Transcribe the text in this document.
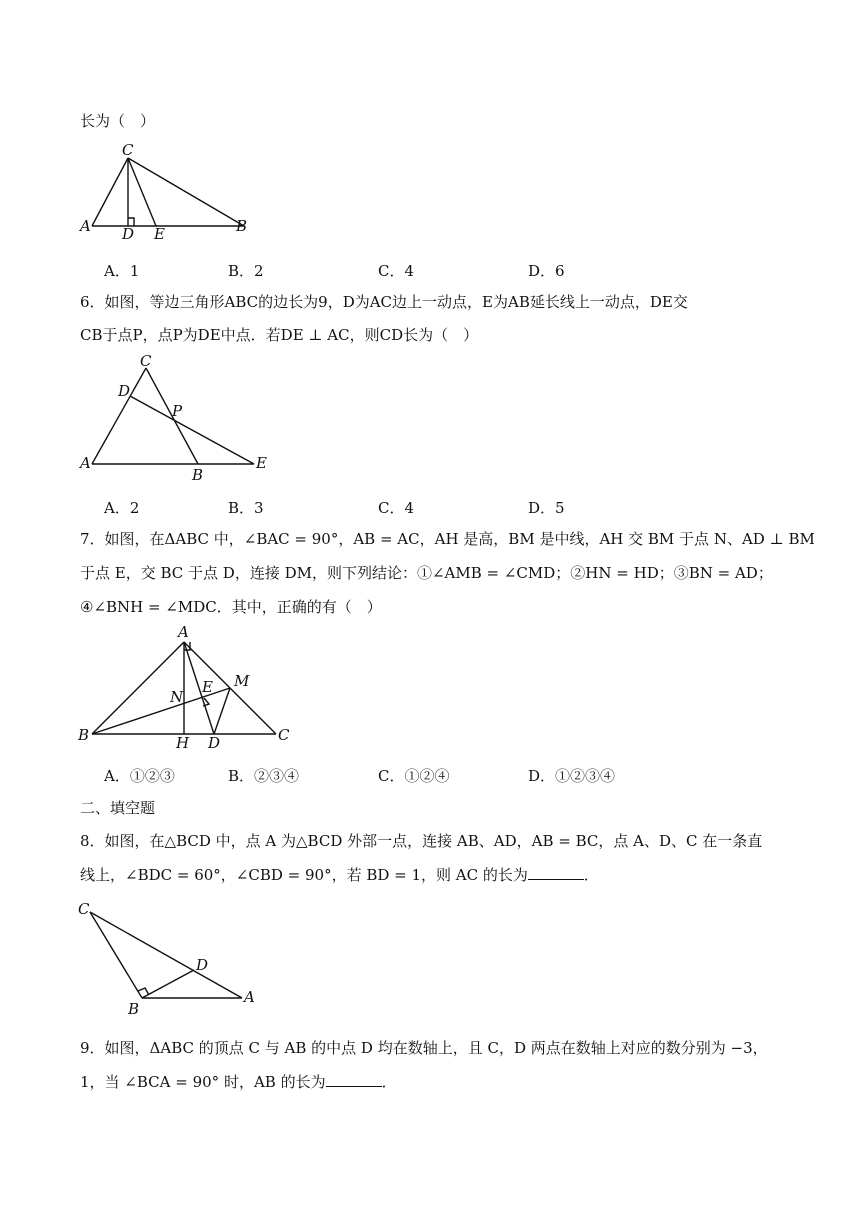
长为（　）
C
A D E	B
A．1	B．2	C．4	D．6
6．如图，等边三角形ABC的边长为9，D为AC边上一动点，E为AB延长线上一动点，DE交
CB于点P，点P为DE中点．若DE ⊥ AC，则CD长为（　）
C
D
P
A
B
E
A．2	B．3	C．4	D．5
7．如图，在ΔABC 中，∠BAC = 90°，AB = AC，AH 是高，BM 是中线，AH 交 BM 于点 N、AD ⊥ BM
于点 E，交 BC 于点 D，连接 DM，则下列结论：①∠AMB = ∠CMD；②HN = HD；③BN = AD；
④∠BNH = ∠MDC．其中，正确的有（　）
A
B	C
H D
N
E M
A．①②③	B．②③④	C．①②④	D．①②③④
二、填空题
8．如图，在△BCD 中，点 A 为△BCD 外部一点，连接 AB、AD，AB = BC，点 A、D、C 在一条直
线上，∠BDC = 60°，∠CBD = 90°，若 BD = 1，则 AC 的长为	．
C
D
B
A
9．如图，ΔABC 的顶点 C 与 AB 的中点 D 均在数轴上，且 C，D 两点在数轴上对应的数分别为 −3，
1，当 ∠BCA = 90° 时，AB 的长为	．
